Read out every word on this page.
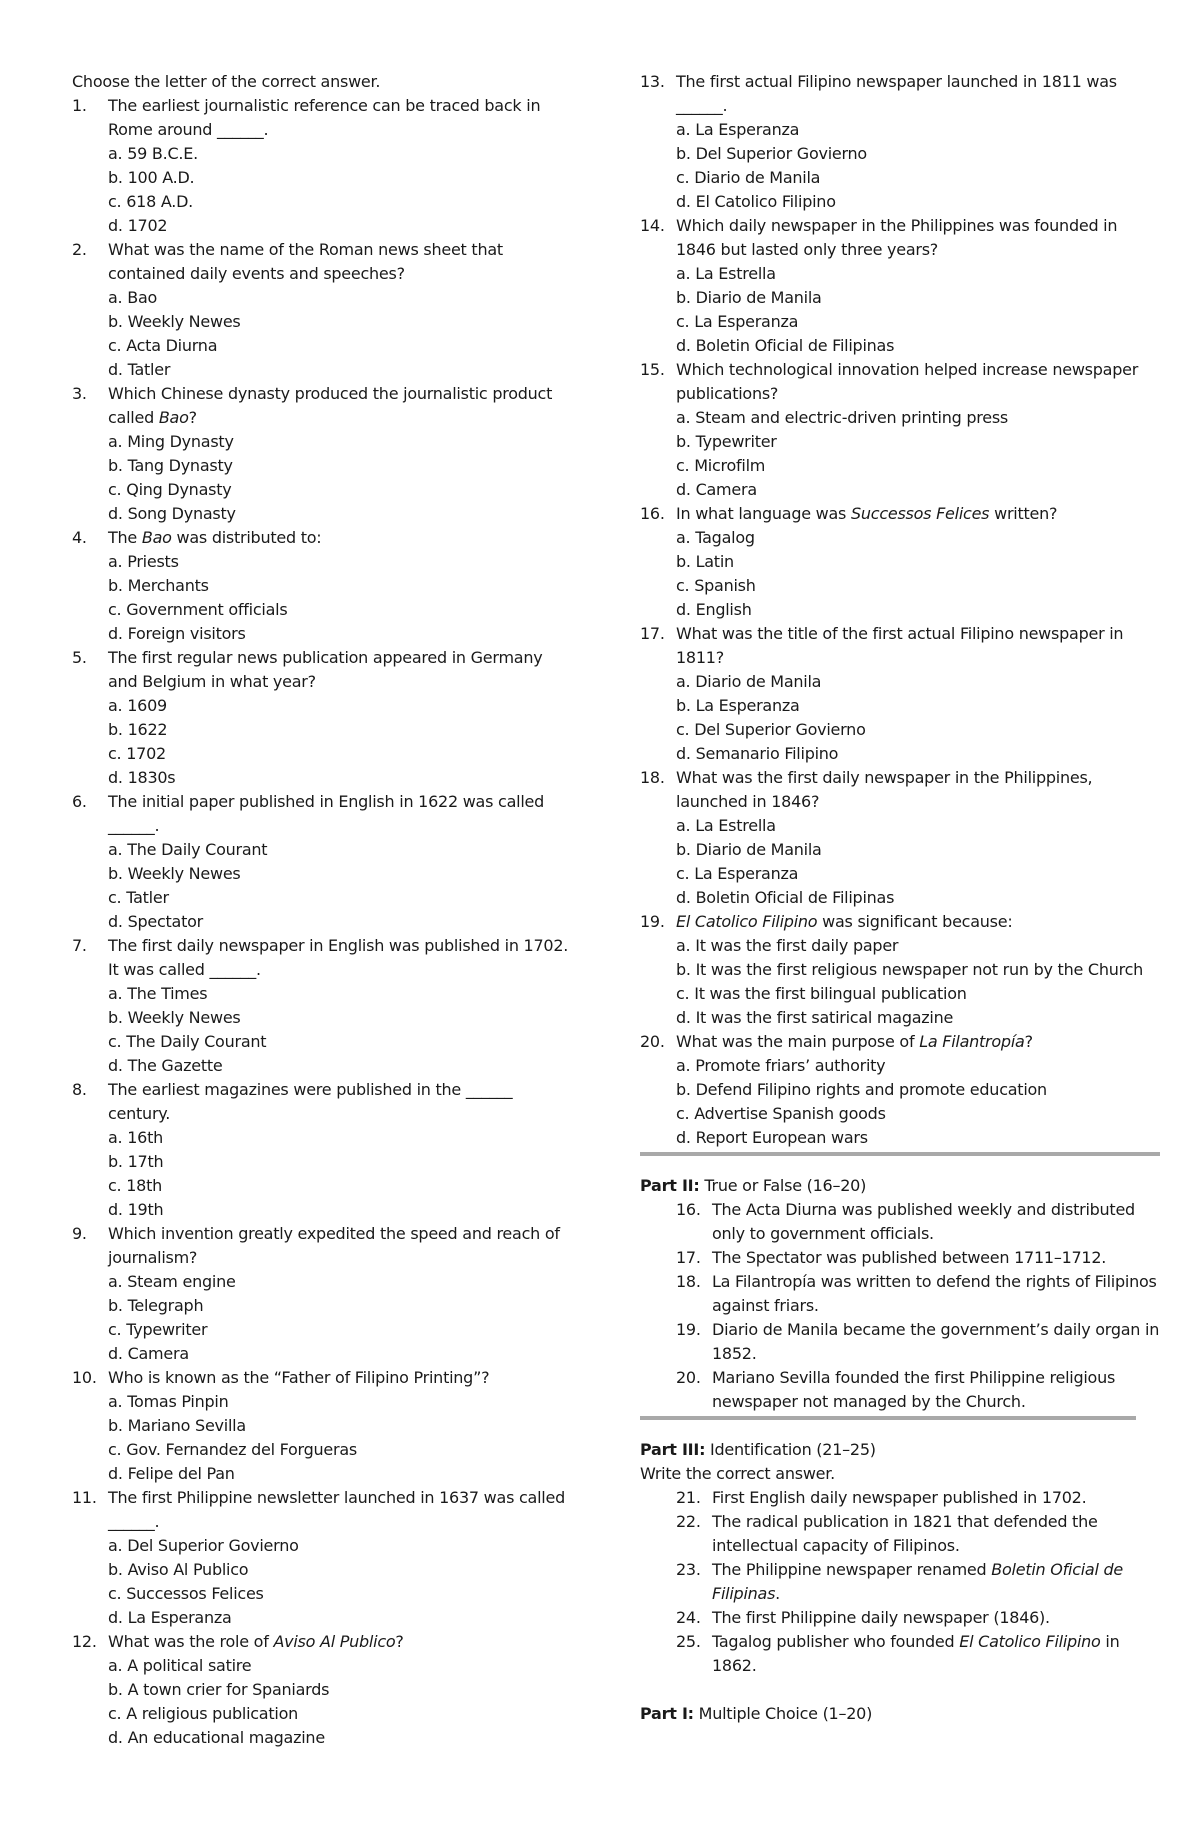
Choose the letter of the correct answer.
1. The earliest journalistic reference can be traced back in Rome around ______.
a. 59 B.C.E.
b. 100 A.D.
c. 618 A.D.
d. 1702
2. What was the name of the Roman news sheet that contained daily events and speeches?
a. Bao
b. Weekly Newes
c. Acta Diurna
d. Tatler
3. Which Chinese dynasty produced the journalistic product called Bao?
a. Ming Dynasty
b. Tang Dynasty
c. Qing Dynasty
d. Song Dynasty
4. The Bao was distributed to:
a. Priests
b. Merchants
c. Government officials
d. Foreign visitors
5. The first regular news publication appeared in Germany and Belgium in what year?
a. 1609
b. 1622
c. 1702
d. 1830s
6. The initial paper published in English in 1622 was called ______.
a. The Daily Courant
b. Weekly Newes
c. Tatler
d. Spectator
7. The first daily newspaper in English was published in 1702. It was called ______.
a. The Times
b. Weekly Newes
c. The Daily Courant
d. The Gazette
8. The earliest magazines were published in the ______ century.
a. 16th
b. 17th
c. 18th
d. 19th
9. Which invention greatly expedited the speed and reach of journalism?
a. Steam engine
b. Telegraph
c. Typewriter
d. Camera
10. Who is known as the “Father of Filipino Printing”?
a. Tomas Pinpin
b. Mariano Sevilla
c. Gov. Fernandez del Forgueras
d. Felipe del Pan
11. The first Philippine newsletter launched in 1637 was called ______.
a. Del Superior Govierno
b. Aviso Al Publico
c. Successos Felices
d. La Esperanza
12. What was the role of Aviso Al Publico?
a. A political satire
b. A town crier for Spaniards
c. A religious publication
d. An educational magazine
13. The first actual Filipino newspaper launched in 1811 was ______.
a. La Esperanza
b. Del Superior Govierno
c. Diario de Manila
d. El Catolico Filipino
14. Which daily newspaper in the Philippines was founded in 1846 but lasted only three years?
a. La Estrella
b. Diario de Manila
c. La Esperanza
d. Boletin Oficial de Filipinas
15. Which technological innovation helped increase newspaper publications?
a. Steam and electric-driven printing press
b. Typewriter
c. Microfilm
d. Camera
16. In what language was Successos Felices written?
a. Tagalog
b. Latin
c. Spanish
d. English
17. What was the title of the first actual Filipino newspaper in 1811?
a. Diario de Manila
b. La Esperanza
c. Del Superior Govierno
d. Semanario Filipino
18. What was the first daily newspaper in the Philippines, launched in 1846?
a. La Estrella
b. Diario de Manila
c. La Esperanza
d. Boletin Oficial de Filipinas
19. El Catolico Filipino was significant because:
a. It was the first daily paper
b. It was the first religious newspaper not run by the Church
c. It was the first bilingual publication
d. It was the first satirical magazine
20. What was the main purpose of La Filantropía?
a. Promote friars’ authority
b. Defend Filipino rights and promote education
c. Advertise Spanish goods
d. Report European wars
Part II: True or False (16–20)
16. The Acta Diurna was published weekly and distributed only to government officials.
17. The Spectator was published between 1711–1712.
18. La Filantropía was written to defend the rights of Filipinos against friars.
19. Diario de Manila became the government’s daily organ in 1852.
20. Mariano Sevilla founded the first Philippine religious newspaper not managed by the Church.
Part III: Identification (21–25)
Write the correct answer.
21. First English daily newspaper published in 1702.
22. The radical publication in 1821 that defended the intellectual capacity of Filipinos.
23. The Philippine newspaper renamed Boletin Oficial de Filipinas.
24. The first Philippine daily newspaper (1846).
25. Tagalog publisher who founded El Catolico Filipino in 1862.
Part I: Multiple Choice (1–20)
